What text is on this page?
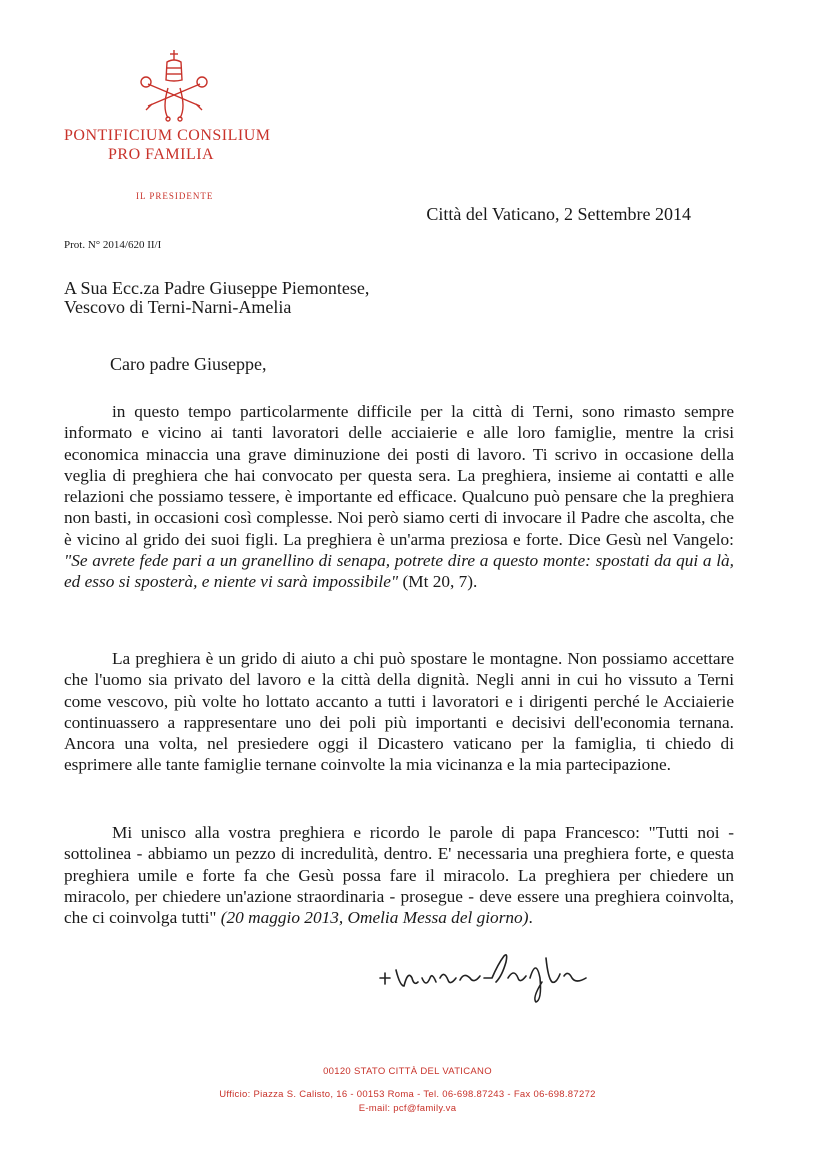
PONTIFICIUM CONSILIUM
PRO FAMILIA
IL PRESIDENTE
Città del Vaticano, 2 Settembre 2014
Prot. N° 2014/620 II/I
A Sua Ecc.za Padre Giuseppe Piemontese,
Vescovo di Terni-Narni-Amelia
Caro padre Giuseppe,
in questo tempo particolarmente difficile per la città di Terni, sono rimasto sempre informato e vicino ai tanti lavoratori delle acciaierie e alle loro famiglie, mentre la crisi economica minaccia una grave diminuzione dei posti di lavoro. Ti scrivo in occasione della veglia di preghiera che hai convocato per questa sera. La preghiera, insieme ai contatti e alle relazioni che possiamo tessere, è importante ed efficace. Qualcuno può pensare che la preghiera non basti, in occasioni così complesse. Noi però siamo certi di invocare il Padre che ascolta, che è vicino al grido dei suoi figli. La preghiera è un'arma preziosa e forte. Dice Gesù nel Vangelo: "Se avrete fede pari a un granellino di senapa, potrete dire a questo monte: spostati da qui a là, ed esso si sposterà, e niente vi sarà impossibile" (Mt 20, 7).
La preghiera è un grido di aiuto a chi può spostare le montagne. Non possiamo accettare che l'uomo sia privato del lavoro e la città della dignità. Negli anni in cui ho vissuto a Terni come vescovo, più volte ho lottato accanto a tutti i lavoratori e i dirigenti perché le Acciaierie continuassero a rappresentare uno dei poli più importanti e decisivi dell'economia ternana. Ancora una volta, nel presiedere oggi il Dicastero vaticano per la famiglia, ti chiedo di esprimere alle tante famiglie ternane coinvolte la mia vicinanza e la mia partecipazione.
Mi unisco alla vostra preghiera e ricordo le parole di papa Francesco: "Tutti noi - sottolinea - abbiamo un pezzo di incredulità, dentro. E' necessaria una preghiera forte, e questa preghiera umile e forte fa che Gesù possa fare il miracolo. La preghiera per chiedere un miracolo, per chiedere un'azione straordinaria - prosegue - deve essere una preghiera coinvolta, che ci coinvolga tutti" (20 maggio 2013, Omelia Messa del giorno).
00120 STATO CITTÀ DEL VATICANO
Ufficio: Piazza S. Calisto, 16 - 00153 Roma - Tel. 06-698.87243 - Fax 06-698.87272
E-mail: pcf@family.va
